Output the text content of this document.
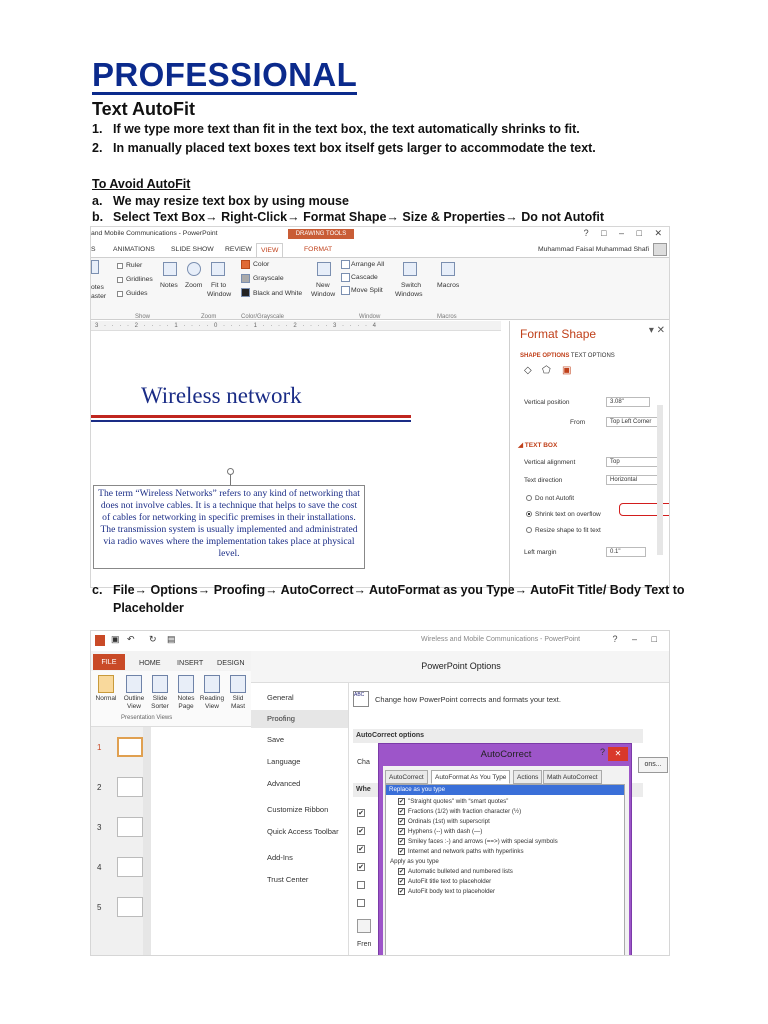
PROFESSIONAL
Text AutoFit
1. If we type more text than fit in the text box, the text automatically shrinks to fit.
2. In manually placed text boxes text box itself gets larger to accommodate the text.
To Avoid AutoFit
a. We may resize text box by using mouse
b. Select Text Box→ Right-Click→ Format Shape→ Size & Properties→ Do not Autofit
and Mobile Communications - PowerPoint	DRAWING TOOLS	? □ – □ ✕
S	ANIMATIONS SLIDE SHOW REVIEW	VIEW	FORMAT	Muhammad Faisal Muhammad Shafi
otes
aster
Ruler
Gridlines
Guides
Notes Zoom Fit to
Window
Color
Grayscale
Black and White
New
Window
Arrange All
Cascade
Move Split
Switch
Windows
Macros
Show	Zoom	Color/Grayscale	Window	Macros
3 · · · · 2 · · · · 1 · · · · 0 · · · · 1 · · · · 2 · · · · 3 · · · · 4
Wireless network
The term “Wireless Networks” refers to any kind of networking that does not involve cables. It is a technique that helps to save the cost of cables for networking in specific premises in their installations. The transmission system is usually implemented and administrated via radio waves where the implementation takes place at physical level.
Format Shape	▾ ✕
SHAPE OPTIONS TEXT OPTIONS
◇ ⬠ ▣
Vertical position	3.08"
From	Top Left Corner
◢ TEXT BOX
Vertical alignment	Top
Text direction	Horizontal
Do not Autofit
Shrink text on overflow
Resize shape to fit text
Left margin	0.1"
c. File→ Options→ Proofing→ AutoCorrect→ AutoFormat as you Type→ AutoFit Title/ Body Text to
Placeholder
▣ ↶ ↻ ▤	Wireless and Mobile Communications - PowerPoint	? – □
FILE	HOME INSERT DESIGN	PowerPoint Options
Normal	Outline
View
Slide
Sorter
Notes
Page
Reading
View
Slid
Mast
Presentation Views
1
2
3
4
5
General
Proofing
Save
Language
Advanced
Customize Ribbon
Quick Access Toolbar
Add-Ins
Trust Center
ABC	Change how PowerPoint corrects and formats your text.
AutoCorrect options
Cha
Whe
✔
✔
✔
✔
Fren
ons...
AutoCorrect	?	✕
AutoCorrect	AutoFormat As You Type	Actions	Math AutoCorrect
Replace as you type
✔ "Straight quotes" with “smart quotes”
✔ Fractions (1/2) with fraction character (½)
✔ Ordinals (1st) with superscript
✔ Hyphens (--) with dash (—)
✔ Smiley faces :-) and arrows (==>) with special symbols
✔ Internet and network paths with hyperlinks
Apply as you type
✔ Automatic bulleted and numbered lists
✔ AutoFit title text to placeholder
✔ AutoFit body text to placeholder
